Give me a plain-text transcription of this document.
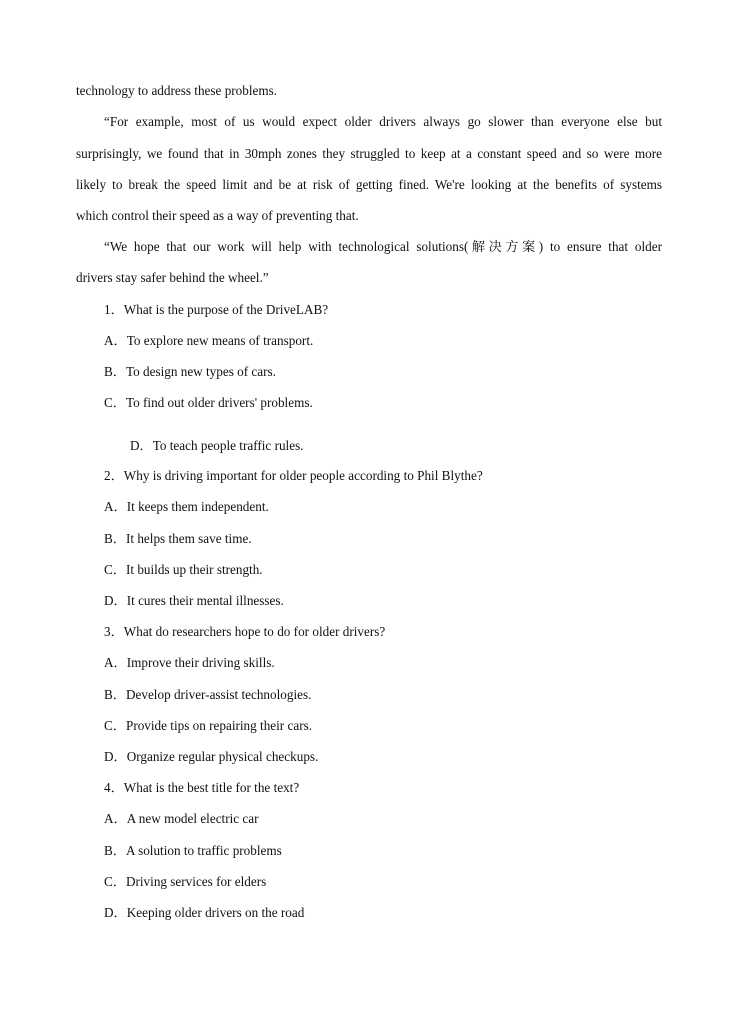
technology to address these problems.
“For example, most of us would expect older drivers always go slower than everyone else but
surprisingly, we found that in 30mph zones they struggled to keep at a constant speed and so were more
likely to break the speed limit and be at risk of getting fined. We're looking at the benefits of systems
which control their speed as a way of preventing that.
“We hope that our work will help with technological solutions(解决方案) to ensure that older
drivers stay safer behind the wheel.”
1．What is the purpose of the DriveLAB?
A．To explore new means of transport.
B．To design new types of cars.
C．To find out older drivers' problems.
D．To teach people traffic rules.
2．Why is driving important for older people according to Phil Blythe?
A．It keeps them independent.
B．It helps them save time.
C．It builds up their strength.
D．It cures their mental illnesses.
3．What do researchers hope to do for older drivers?
A．Improve their driving skills.
B．Develop driver-assist technologies.
C．Provide tips on repairing their cars.
D．Organize regular physical checkups.
4．What is the best title for the text?
A．A new model electric car
B．A solution to traffic problems
C．Driving services for elders
D．Keeping older drivers on the road
